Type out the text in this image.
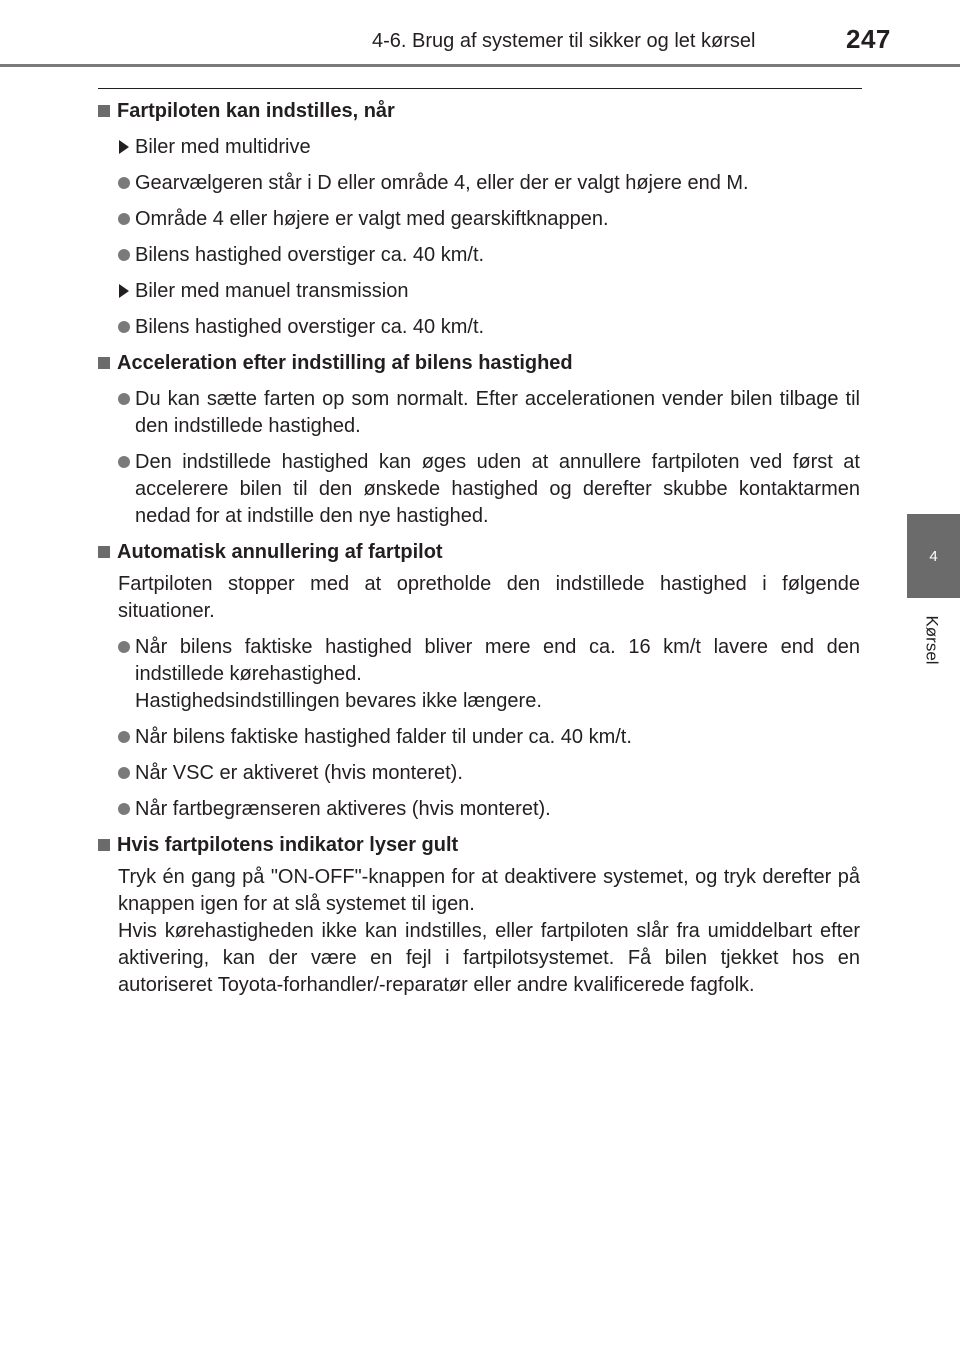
4-6. Brug af systemer til sikker og let kørsel	247
4
Kørsel
Fartpiloten kan indstilles, når
Biler med multidrive
Gearvælgeren står i D eller område 4, eller der er valgt højere end M.
Område 4 eller højere er valgt med gearskiftknappen.
Bilens hastighed overstiger ca. 40 km/t.
Biler med manuel transmission
Bilens hastighed overstiger ca. 40 km/t.
Acceleration efter indstilling af bilens hastighed
Du kan sætte farten op som normalt. Efter accelerationen vender bilen tilbage til den indstillede hastighed.
Den indstillede hastighed kan øges uden at annullere fartpiloten ved først at accelerere bilen til den ønskede hastighed og derefter skubbe kontaktarmen nedad for at indstille den nye hastighed.
Automatisk annullering af fartpilot
Fartpiloten stopper med at opretholde den indstillede hastighed i følgende situationer.
Når bilens faktiske hastighed bliver mere end ca. 16 km/t lavere end den indstillede kørehastighed.
Hastighedsindstillingen bevares ikke længere.
Når bilens faktiske hastighed falder til under ca. 40 km/t.
Når VSC er aktiveret (hvis monteret).
Når fartbegrænseren aktiveres (hvis monteret).
Hvis fartpilotens indikator lyser gult
Tryk én gang på "ON-OFF"-knappen for at deaktivere systemet, og tryk derefter på knappen igen for at slå systemet til igen.
Hvis kørehastigheden ikke kan indstilles, eller fartpiloten slår fra umiddelbart efter aktivering, kan der være en fejl i fartpilotsystemet. Få bilen tjekket hos en autoriseret Toyota-forhandler/-reparatør eller andre kvalificerede fagfolk.
